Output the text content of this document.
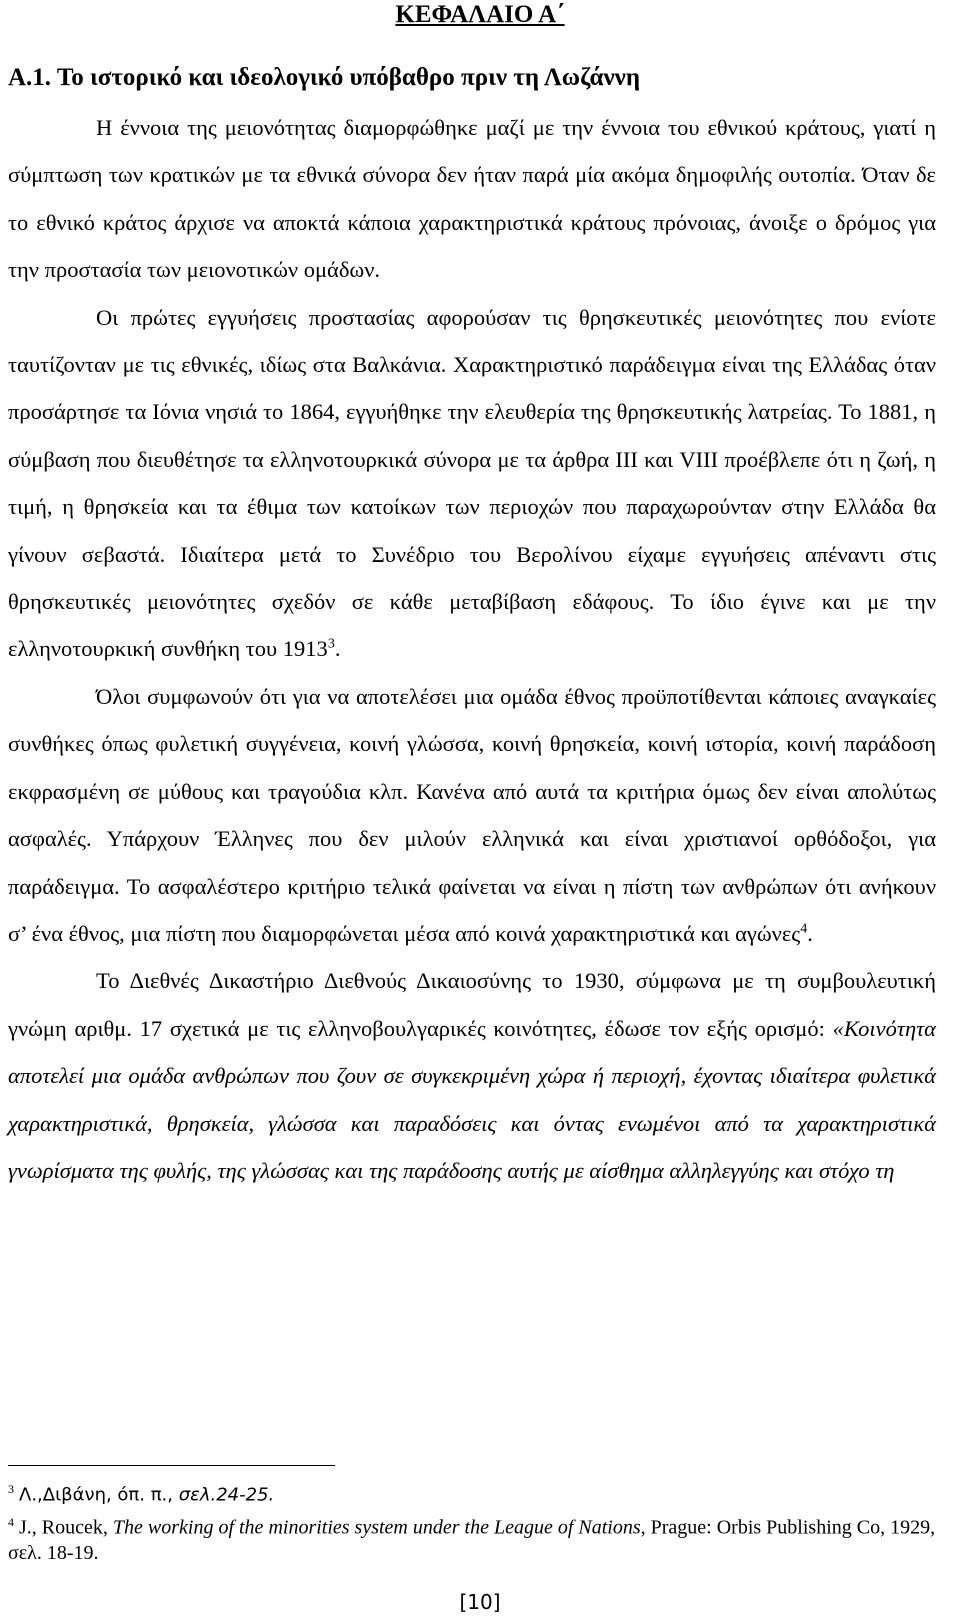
ΚΕΦΑΛΑΙΟ Α΄
Α.1. Το ιστορικό και ιδεολογικό υπόβαθρο πριν τη Λωζάννη

Η έννοια της μειονότητας διαμορφώθηκε μαζί με την έννοια του εθνικού κράτους, γιατί η σύμπτωση των κρατικών με τα εθνικά σύνορα δεν ήταν παρά μία ακόμα δημοφιλής ουτοπία. Όταν δε το εθνικό κράτος άρχισε να αποκτά κάποια χαρακτηριστικά κράτους πρόνοιας, άνοιξε ο δρόμος για την προστασία των μειονοτικών ομάδων.

Οι πρώτες εγγυήσεις προστασίας αφορούσαν τις θρησκευτικές μειονότητες που ενίοτε ταυτίζονταν με τις εθνικές, ιδίως στα Βαλκάνια. Χαρακτηριστικό παράδειγμα είναι της Ελλάδας όταν προσάρτησε τα Ιόνια νησιά το 1864, εγγυήθηκε την ελευθερία της θρησκευτικής λατρείας. Το 1881, η σύμβαση που διευθέτησε τα ελληνοτουρκικά σύνορα με τα άρθρα ΙΙΙ και VIII προέβλεπε ότι η ζωή, η τιμή, η θρησκεία και τα έθιμα των κατοίκων των περιοχών που παραχωρούνταν στην Ελλάδα θα γίνουν σεβαστά. Ιδιαίτερα μετά το Συνέδριο του Βερολίνου είχαμε εγγυήσεις απέναντι στις θρησκευτικές μειονότητες σχεδόν σε κάθε μεταβίβαση εδάφους. Το ίδιο έγινε και με την ελληνοτουρκική συνθήκη του 1913$^3$.

Όλοι συμφωνούν ότι για να αποτελέσει μια ομάδα έθνος προϋποτίθενται κάποιες αναγκαίες συνθήκες όπως φυλετική συγγένεια, κοινή γλώσσα, κοινή θρησκεία, κοινή ιστορία, κοινή παράδοση εκφρασμένη σε μύθους και τραγούδια κλπ. Κανένα από αυτά τα κριτήρια όμως δεν είναι απολύτως ασφαλές. Υπάρχουν Έλληνες που δεν μιλούν ελληνικά και είναι χριστιανοί ορθόδοξοι, για παράδειγμα. Το ασφαλέστερο κριτήριο τελικά φαίνεται να είναι η πίστη των ανθρώπων ότι ανήκουν σ’ ένα έθνος, μια πίστη που διαμορφώνεται μέσα από κοινά χαρακτηριστικά και αγώνες$^4$.

Το Διεθνές Δικαστήριο Διεθνούς Δικαιοσύνης το 1930, σύμφωνα με τη συμβουλευτική γνώμη αριθμ. 17 σχετικά με τις ελληνοβουλγαρικές κοινότητες, έδωσε τον εξής ορισμό: «Κοινότητα αποτελεί μια ομάδα ανθρώπων που ζουν σε συγκεκριμένη χώρα ή περιοχή, έχοντας ιδιαίτερα φυλετικά χαρακτηριστικά, θρησκεία, γλώσσα και παραδόσεις και όντας ενωμένοι από τα χαρακτηριστικά γνωρίσματα της φυλής, της γλώσσας και της παράδοσης αυτής με αίσθημα αλληλεγγύης και στόχο τη

$^3$ Λ.,Διβάνη, όπ. π., σελ.24-25.

$^4$ J., Roucek, The working of the minorities system under the League of Nations, Prague: Orbis Publishing Co, 1929, σελ. 18-19.

[10]
